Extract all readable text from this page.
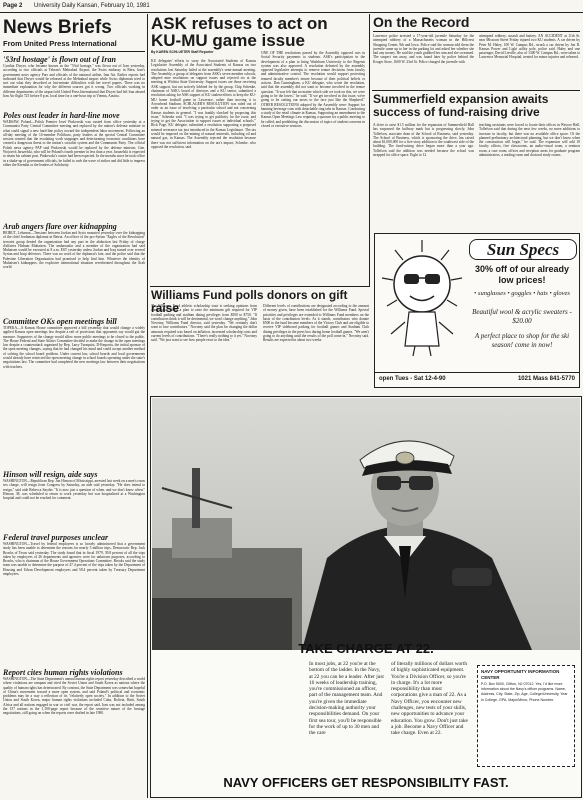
Page 2 University Daily Kansan, February 10, 1981
News Briefs
From United Press International
'53rd hostage' is flown out of Iran
Cynthia Dwyer, who became known as the "53rd hostage," was flown out of Iran yesterday, according to two officials at Tehran's Mehrabad Airport, the Swiss embassy in Bern, Iran's government news agency Pars and officials of the national airline, Iran Air. Earlier reports had indicated that Dwyer would be released at the Mehrabad airport while Swiss diplomats tried to sort out what they described as last-minute difficulties with her travel papers. There was no immediate explanation for why the different sources got it wrong. Two officials working in different departments of the airport told United Press International that Dwyer had left Iran aboard Iran Air flight 725 before 8 p.m. local time for a one-hour trip to Vienna, Austria.
Poles oust leader in hard-line move
WARSAW, Poland—Polish Premier Josef Pinkowski was ousted from office yesterday at a Communist Party Central Committee meeting and replaced by the nation's defense minister in what could signal a new hard-line policy toward the independent labor movement. Following an all-day meeting of the 14-member Politburo, party leaders at the special Central Committee session warned that the escalating work stoppages and deteriorating economic conditions have created a dangerous threat to the nation's socialist system and the Communist Party. The official Polish news agency PAP said Pinkowski would be replaced by the defense minister, Gen. Wojciech Jaruzelski, who will be Poland's fourth premier in less than a year. Jaruzelski is expected to retain his cabinet post. Pinkowski's ouster had been expected. In the months since he took office in a shake-up of government officials, he failed to curb the wave of strikes and did little to impress either the Kremlin or the leaders of Solidarity.
Arab angers flare over kidnapping
BEIRUT, Lebanon—Tensions between Jordan and Syria mounted yesterday over the kidnapping of the chief Jordanian diplomat in Beirut. An officer of the pro-Syrian "Eagles of the Revolution" terrorist group denied the organization had any part in the abduction last Friday of charge d'affaires Hisham Muhaisen. The ambassador and a member of the organization had said Muhaisen would be executed at 8 a.m. EST yesterday unless Jordan and Iraq turned over several Syrian and Iraqi defectors. There was no word of the diplomat's fate, and the police said that the Palestine Liberation Organization had promised to help find him. Whatever the identity of Muhaisen's kidnappers, the explosive international situation reverberated throughout the Arab world.
Committee OKs open meetings bill
TOPEKA—A Kansas House committee approved a bill yesterday that would change a widely applied Kansas open meetings law despite a raft of provisions that opponents say would gut the measure. Supporters of the change would allow more public meetings to be closed to the public. The House Federal and State Affairs Committee decided to make the change in the open meetings law despite a counterattack organized by Rep. Larry Turnquist, D-Emporia, the initial sponsor of the open meeting changes, saying that he had changed his mind and could accept another method of solving the school board problem. Under current law, school boards and local governments would already have restricted the open meeting change in school boards operating under the state's negotiations law. The committee had completed the new meetings law between their negotiations with teachers.
Hinson will resign, aide says
WASHINGTON—Republican Rep. Jon Hinson of Mississippi, arrested last week on a men's room sex charge, will resign from Congress by Saturday, an aide said yesterday. "He does intend to resign," said aide Rebecca Snyder. "It is now just a question of when, and we don't know when." Hinson, 38, was scheduled to return to work yesterday but was hospitalized at a Washington hospital and could not be reached for comment.
Federal travel purposes unclear
WASHINGTON—Travel by federal employees is so loosely administered that a government study has been unable to determine the reasons for nearly 3 million trips, Democratic Rep. Jack Brooks of Texas said yesterday. The study found that in fiscal 1979, 39.8 percent of all the trips taken by employees of 26 departments and agencies were for unknown purposes, according to Brooks, who is chairman of the House Government Operations Committee. Brooks said the study team was unable to determine the purpose of 47.4 percent of the trips taken by the Department of Housing and Urban Development employees and 58.4 percent taken by Treasury Department employees.
Report cites human rights violations
WASHINGTON—The State Department's annual human rights report yesterday described a world where violations are rampant and cited the Soviet Union and South Korea as nations where the quality of human rights has deteriorated. By contrast, the State Department was somewhat hopeful of China's movement toward a more open system, and said Poland's political and economic problems may be a way a reflection of its "relatively open society." In addition to the Soviet Union and South Korea, major human rights violations included Cuba, Bolivia, Haiti, South Africa and all nations engaged in war or civil war, the report said. Iran was not included among the 157 nations in the 1,100-page report because of the sensitive nature of the hostage negotiations, still going on when the reports were drafted in late 1980.
ASK refuses to act on KU-MU game issue
By KAREN SCHLUETER Staff Reporter
KU delegates' efforts to sway the Associated Students of Kansas Legislative Assembly of the Associated Students of Kansas on two resolutions lost Saturday failed at the assembly's semi-annual meeting. The Assembly, a group of delegates from ASK's seven member schools, adopted nine resolutions on support issues and rejected six at the meeting at Wichita State University. Support issues are those receiving ASK support, but not actively lobbied for by the group. Chip Schenke, chairman of ASK's board of directors and a KU senior, submitted a resolution asking for ASK support of KU student efforts to keep the KU-MU home football game in Lawrence, rather than moving it to Arrowhead Stadium. SCHLAGER'S RESOLUTION was ruled out of order as an issue of involving a particular school and not concerning Kansas students in general. "I was frankly shocked by proposing this issue," Schenke said. "I was trying to get publicity for the issue, and trying to get the Association to support issues at individual schools." Rick Page, KU delegate, submitted a resolution supporting a proposed mineral severance tax just introduced in the Kansas Legislature. The tax would be imposed on the mining of natural minerals, including oil and natural gas, in Kansas. The Assembly rejected the resolution because there was not sufficient information on the tax's impact, Schenke, who opposed the resolution, said.
ONE OF THE resolutions passed by the Assembly opposed cuts in Social Security payments to students. ASK's participation in the development of a plan to bring Washburn University to the Regents system was also approved. A resolution defeated by the assembly opposed legislative attempts to remove tenure decisions from faculty and administrative control. The resolution would support protecting tenured faculty member's tenure because of their political beliefs or actions. Dan Cunningham, a KU delegate, who wrote the resolution, said that the assembly did not want to become involved in the tenure question. "It was felt that no matter which side we took on this, we were going to be the losers," he said. "If we get involved in this issue, we're going to be cutting our noses to the face just like the Shepherd." OTHER RESOLUTIONS adopted by the Assembly were: Support for banning beverage cans with detachable ring tabs in Kansas. Conducting a study of the retail climate in Kansas. Supporting an amendment to the Kansas Open Meetings Law requiring a quorum for a public meeting to be called, and prohibiting the discussion of topics of student concerns in closed or executive sessions.
On the Record
Lawrence police arrested a 17-year-old juvenile Saturday for the attempted robbery of a Massachusetts woman in the Hillcrest Shopping Center, 9th and Iowa. Police said the woman told them the juvenile came up to her in the parking lot and asked her whether she had any money. He said the youth grabbed her arm and she screamed. The suspect ran away, and was found later by police behind the Kroger Store, 1600 W. 23rd St. Police charged the juvenile with
attempted robbery, assault and battery. AN ACCIDENT at 11th St. near Missouri Street Friday injured two KU students. A car driven by Peter M. Haley, 100 W. Campus Rd., struck a car driven by Jon R. Kansas Power and Light utility pole, police said. Haley and one passenger, David Lieville, also of 1300 W. Campus Rd., were taken to Lawrence Memorial Hospital, treated for minor injuries and released.
Summerfield expansion awaits success of fund-raising drive
A drive to raise $1.5 million for the expansion of Summerfield Hall has surpassed the halfway mark but is progressing slowly, John Tollefson, associate dean of the School of Business, said yesterday. The School of Business, which is sponsoring the drive, has raised about $1,000,000 for a five-story addition to the southwest side of the building. The fund-raising drive began more than a year ago. Tollefson said the addition was needed because the school was strapped for office space. Eight to 12
teaching assistants were forced to locate their offices in Wescoe Hall. Tollefson said that during the next few weeks, no more additions to increase in faculty, but there was no available office space. Of the planned preliminary architectural planning, but we don't know when the construction will begin," he said. The expansion will add 18 faculty offices, five classrooms, an audio-visual room, a seminar room, a case room, offices and reception areas for graduate program administrators, a reading room and doctoral study rooms.
Sun Specs
30% off of our already low prices!
• sunglasses • goggles • hats • gloves
Beautiful wool & acrylic sweaters - $20.00
A perfect place to shop for the ski season! come in now!
open Tues - Sat 12-4-90	1021 Mass 841-5770
Williams Fund polls donors on gift raise
The Williams Fund athletic scholarship trust is seeking opinions from contributors about a plan to raise the minimum gift required for VIP football parking and stadium dining privileges from $500 to $750. "If contributors think it will be detrimental, we won't change anything," John Novotny, Williams Fund director, said yesterday. "We certainly don't want to lose contributors." Novotny said the plan for changing the dollar amounts required was based on inflation, increased scholarship costs and current levels of contributions. "There's really nothing to it yet," Novotny said. "We just want to see how people react to the idea."
Different levels of contributions are designated according to the amount of money given, have been established for the Williams Fund. Special priorities and privileges are extended to Williams Fund members on the basis of the contribution levels. As it stands, contributors who donate $500 to the fund become members of the Victory Club and are eligible to receive VIP sideboard parking for football games and Stadium Club dining privileges in the press box during home football games. "We aren't going to do anything until the results of the poll come in," Novotny said. Results are expected in about two weeks.
TAKE CHARGE AT 22.
In most jobs, at 22 you're at the bottom of the ladder. In the Navy, at 22 you can be a leader. After just 16 weeks of leadership training, you're commissioned an officer, part of the management team. And you're given the immediate decision-making authority your responsibilities demand. On your first sea tour, you'll be responsible for the work of up to 30 men and the care
of literally millions of dollars worth of highly sophisticated equipment. You're a Division Officer, so you're in charge. It's a lot more responsibility than most corporations give a man of 22. As a Navy Officer, you encounter new challenges, new tests of your skills, new opportunities to advance your education. You grow. Don't just take a job. Become a Navy Officer and take charge. Even at 22.
NAVY OPPORTUNITY INFORMATION CENTER
P.O. Box 5000, Clifton, NJ 07012. Yes, I'd like more information about the Navy's officer programs. Name, Address, City, State, Zip, Age, College/University, Year in College, GPA, Major/Minor, Phone Number.
NAVY OFFICERS GET RESPONSIBILITY FAST.
